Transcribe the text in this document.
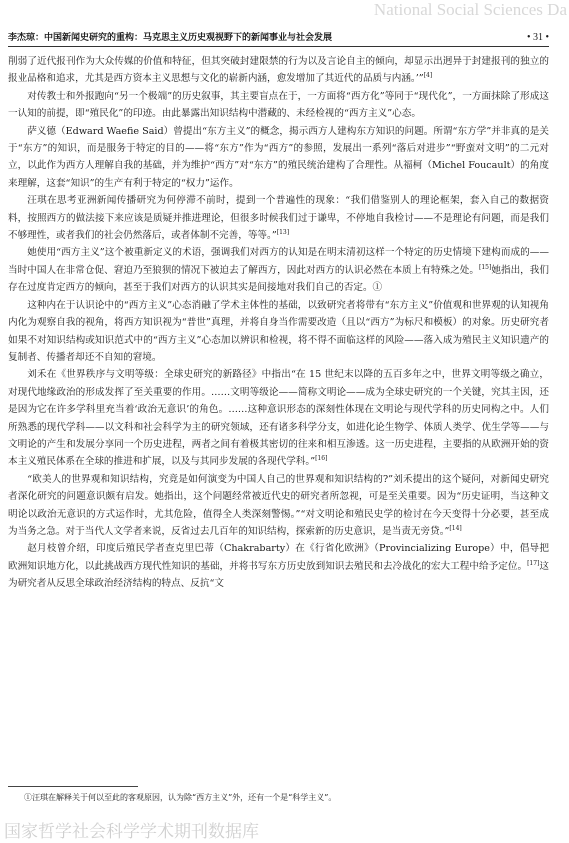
National Social Sciences Da
李杰琼：中国新闻史研究的重构：马克思主义历史观视野下的新闻事业与社会发展	• 31 •

削弱了近代报刊作为大众传媒的价值和特征，但其突破封建限禁的行为以及言论自主的倾向，却显示出迥异于封建报刊的独立的报业品格和追求，尤其是西方资本主义思想与文化的崭新内涵，愈发增加了其近代的品质与内涵。’”[4]

对传教士和外报跑向“另一个极端”的历史叙事，其主要盲点在于，一方面将“西方化”等同于“现代化”，一方面抹除了形成这一认知的前提，即“殖民化”的印迹。由此暴露出知识结构中潜藏的、未经检视的“西方主义”心态。

萨义德（Edward Waefie Said）曾提出“东方主义”的概念，揭示西方人建构东方知识的问题。所谓“东方学”并非真的是关于“东方”的知识，而是服务于特定的目的——将“东方”作为“西方”的参照，发展出一系列“落后对进步”“野蛮对文明”的二元对立，以此作为西方人理解自我的基础，并为维护“西方”对“东方”的殖民统治建构了合理性。从福柯（Michel Foucault）的角度来理解，这套“知识”的生产有利于特定的“权力”运作。

汪琪在思考亚洲新闻传播研究为何停滞不前时，提到一个普遍性的现象：“我们借鉴别人的理论框架，套入自己的数据资料，按照西方的做法接下来应该是质疑并推进理论，但很多时候我们过于谦卑，不停地自我检讨——不是理论有问题，而是我们不够理性，或者我们的社会仍然落后，或者体制不完善，等等。”[13]

她使用“西方主义”这个被重新定义的术语，强调我们对西方的认知是在明末清初这样一个特定的历史情境下建构而成的——当时中国人在非常仓促、窘迫乃至狼狈的情况下被迫去了解西方，因此对西方的认识必然在本质上有特殊之处。[15]她指出，我们存在过度肯定西方的倾向，甚至于我们对西方的认识其实是间接地对我们自己的否定。①

这种内在于认识论中的“西方主义”心态消融了学术主体性的基础，以致研究者将带有“东方主义”价值观和世界观的认知视角内化为观察自我的视角，将西方知识视为“普世”真理，并将自身当作需要改造（且以“西方”为标尺和模板）的对象。历史研究者如果不对知识结构或知识范式中的“西方主义”心态加以辨识和检视，将不得不面临这样的风险——落入成为殖民主义知识遗产的复制者、传播者却还不自知的窘境。

刘禾在《世界秩序与文明等级：全球史研究的新路径》中指出“在 15 世纪末以降的五百多年之中，世界文明等级之确立，对现代地缘政治的形成发挥了至关重要的作用。……文明等级论——简称文明论——成为全球史研究的一个关键，究其主因，还是因为它在许多学科里充当着‘政治无意识’的角色。……这种意识形态的深刻性体现在文明论与现代学科的历史同构之中。人们所熟悉的现代学科——以文科和社会科学为主的研究领域，还有诸多科学分支，如进化论生物学、体质人类学、优生学等——与文明论的产生和发展分享同一个历史进程，两者之间有着极其密切的往来和相互渗透。这一历史进程，主要指的从欧洲开始的资本主义殖民体系在全球的推进和扩展，以及与其同步发展的各现代学科。”[16]

“欧美人的世界观和知识结构，究竟是如何演变为中国人自己的世界观和知识结构的?”刘禾提出的这个疑问，对新闻史研究者深化研究的问题意识颇有启发。她指出，这个问题经常被近代史的研究者所忽视，可是至关重要。因为“历史证明，当这种文明论以政治无意识的方式运作时，尤其危险，值得全人类深刻警惕。”“对文明论和殖民史学的检讨在今天变得十分必要，甚至成为当务之急。对于当代人文学者来说，反省过去几百年的知识结构，探索新的历史意识，是当责无旁贷。”[14]

赵月枝曾介绍，印度后殖民学者查克里巴蒂（Chakrabarty）在《行省化欧洲》（Provincializing Europe）中，倡导把欧洲知识地方化，以此挑战西方现代性知识的基础，并将书写东方历史放到知识去殖民和去冷战化的宏大工程中给予定位。[17]这为研究者从反思全球政治经济结构的特点、反抗“文

①汪琪在解释关于何以至此的客观原因，认为除“西方主义”外，还有一个是“科学主义”。
国家哲学社会科学学术期刊数据库
